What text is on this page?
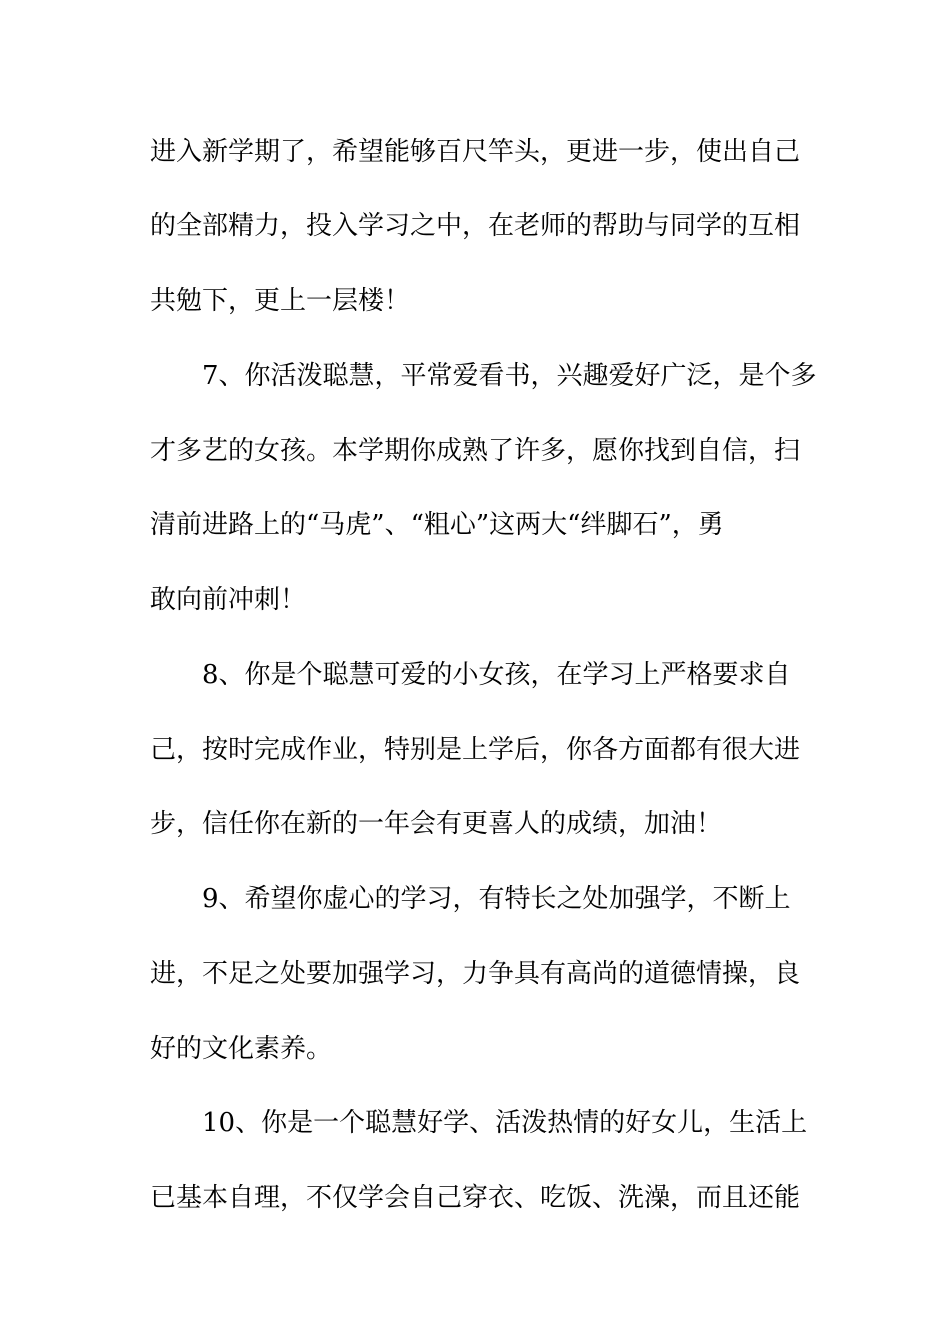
进入新学期了，希望能够百尺竿头，更进一步，使出自己
的全部精力，投入学习之中，在老师的帮助与同学的互相
共勉下，更上一层楼！
7、你活泼聪慧，平常爱看书，兴趣爱好广泛，是个多
才多艺的女孩。本学期你成熟了许多，愿你找到自信，扫
清前进路上的“马虎”、“粗心”这两大“绊脚石”，勇
敢向前冲刺！
8、你是个聪慧可爱的小女孩，在学习上严格要求自
己，按时完成作业，特别是上学后，你各方面都有很大进
步，信任你在新的一年会有更喜人的成绩，加油！
9、希望你虚心的学习，有特长之处加强学，不断上
进，不足之处要加强学习，力争具有高尚的道德情操，良
好的文化素养。
10、你是一个聪慧好学、活泼热情的好女儿，生活上
已基本自理，不仅学会自己穿衣、吃饭、洗澡，而且还能
